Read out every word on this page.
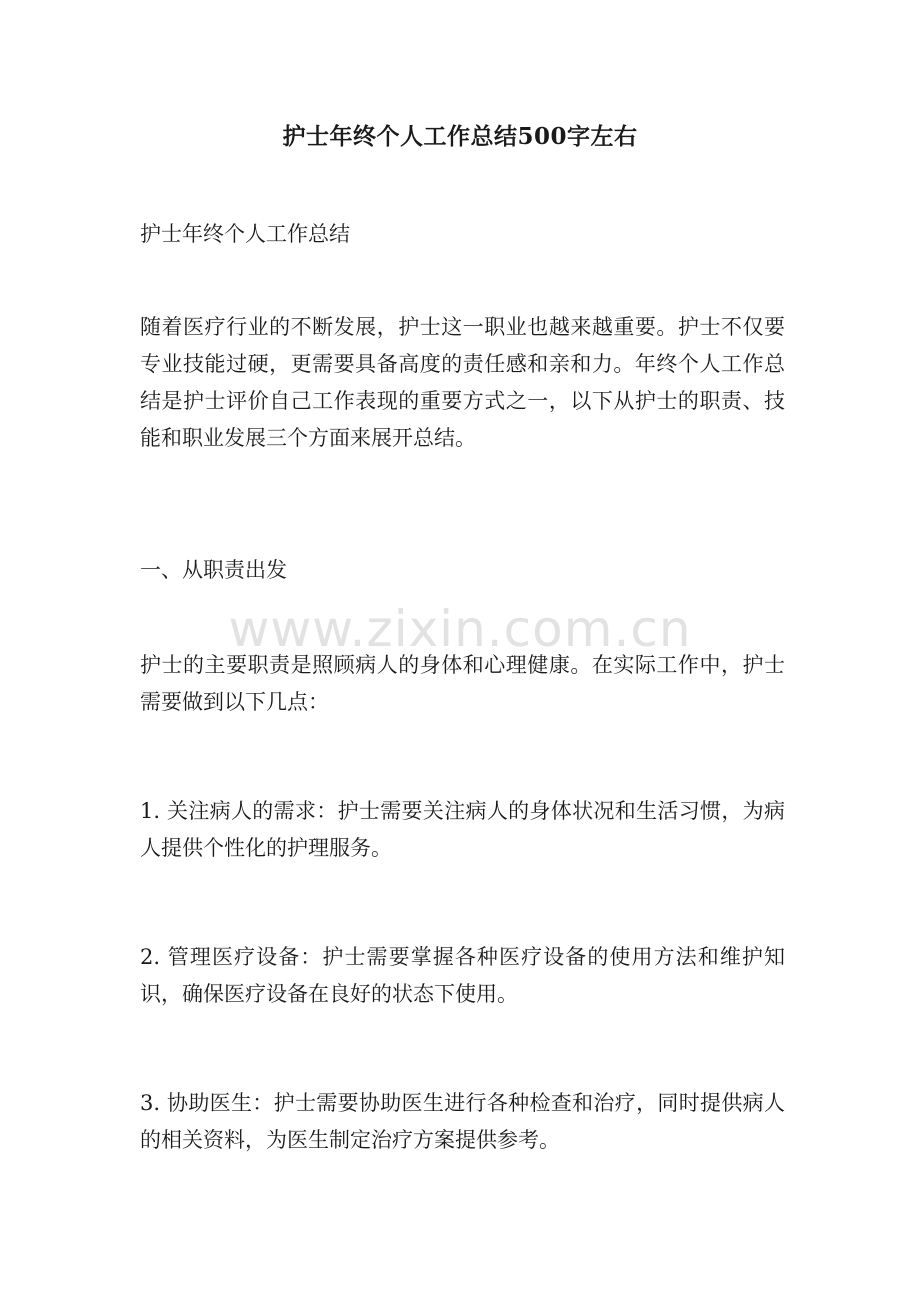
护士年终个人工作总结500字左右

护士年终个人工作总结

随着医疗行业的不断发展，护士这一职业也越来越重要。护士不仅要专业技能过硬，更需要具备高度的责任感和亲和力。年终个人工作总结是护士评价自己工作表现的重要方式之一，以下从护士的职责、技能和职业发展三个方面来展开总结。

一、从职责出发

护士的主要职责是照顾病人的身体和心理健康。在实际工作中，护士需要做到以下几点：

1. 关注病人的需求：护士需要关注病人的身体状况和生活习惯，为病人提供个性化的护理服务。

2. 管理医疗设备：护士需要掌握各种医疗设备的使用方法和维护知识，确保医疗设备在良好的状态下使用。

3. 协助医生：护士需要协助医生进行各种检查和治疗，同时提供病人的相关资料，为医生制定治疗方案提供参考。

www.zixin.com.cn
